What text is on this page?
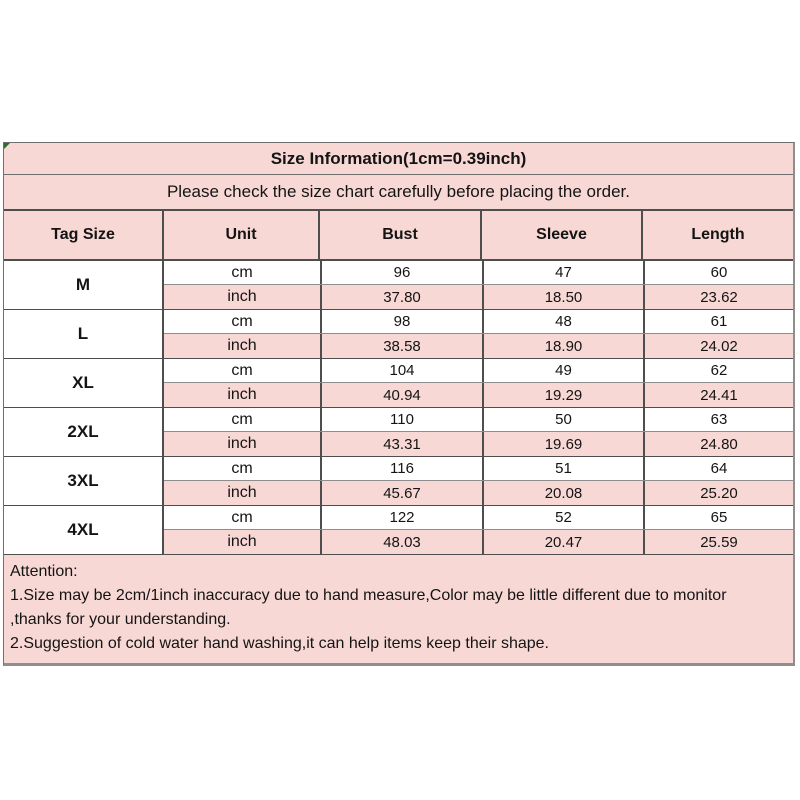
Size Information(1cm=0.39inch)
Please check the size chart carefully before placing the order.
Tag Size	Unit	Bust	Sleeve	Length
M
cm	96	47	60
inch	37.80	18.50	23.62
L
cm	98	48	61
inch	38.58	18.90	24.02
XL
cm	104	49	62
inch	40.94	19.29	24.41
2XL
cm	110	50	63
inch	43.31	19.69	24.80
3XL
cm	116	51	64
inch	45.67	20.08	25.20
4XL
cm	122	52	65
inch	48.03	20.47	25.59
Attention:
1.Size may be 2cm/1inch inaccuracy due to hand measure,Color may be little different due to monitor
,thanks for your understanding.
2.Suggestion of cold water hand washing,it can help items keep their shape.
